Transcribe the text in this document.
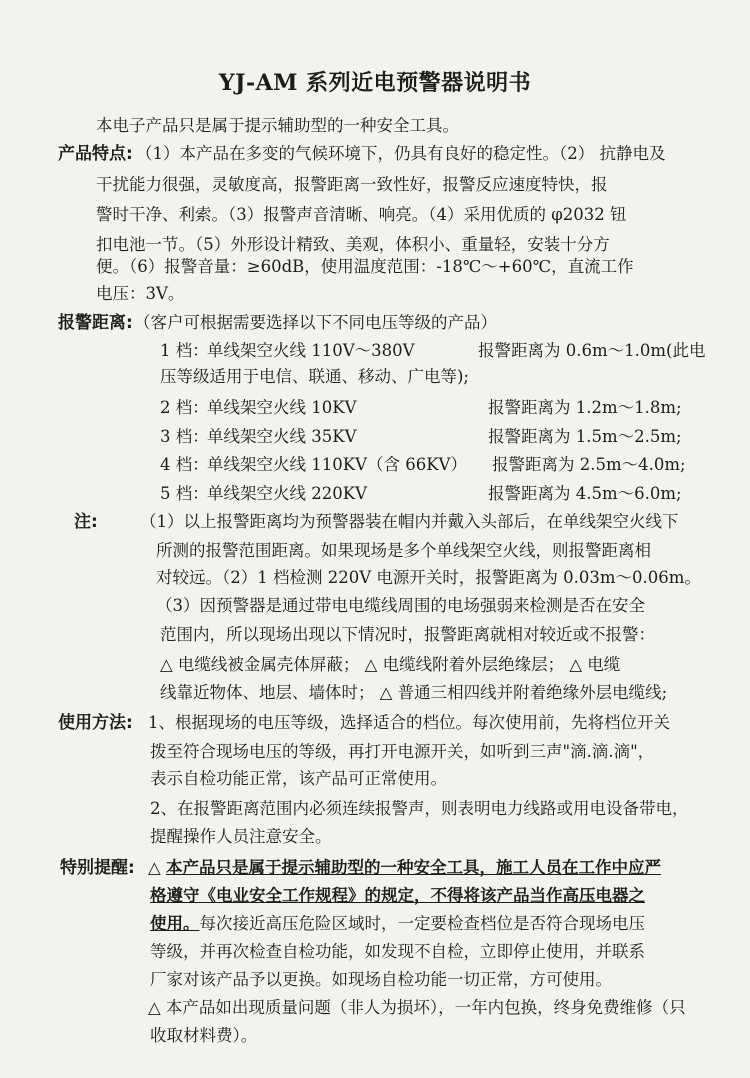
YJ-AM 系列近电预警器说明书
本电子产品只是属于提示辅助型的一种安全工具。
产品特点: （1）本产品在多变的气候环境下，仍具有良好的稳定性。（2） 抗静电及
干扰能力很强，灵敏度高，报警距离一致性好，报警反应速度特快，报
警时干净、利索。（3）报警声音清晰、响亮。（4）采用优质的 φ2032 钮
扣电池一节。（5）外形设计精致、美观，体积小、重量轻，安装十分方
便。（6）报警音量：≥60dB，使用温度范围：-18℃～+60℃，直流工作
电压：3V。
报警距离: （客户可根据需要选择以下不同电压等级的产品）
1 档：
单线架空火线 110V～380V	报警距离为 0.6m～1.0m(此电
压等级适用于电信、联通、移动、广电等);
2 档：
单线架空火线 10KV	报警距离为 1.2m～1.8m;
3 档：
单线架空火线 35KV	报警距离为 1.5m～2.5m;
4 档：
单线架空火线 110KV（含 66KV） 报警距离为 2.5m～4.0m;
5 档：
单线架空火线 220KV	报警距离为 4.5m～6.0m;
注:	（1）以上报警距离均为预警器装在帽内并戴入头部后，在单线架空火线下
所测的报警范围距离。如果现场是多个单线架空火线，则报警距离相
对较远。（2）1 档检测 220V 电源开关时，报警距离为 0.03m～0.06m。
（3）因预警器是通过带电电缆线周围的电场强弱来检测是否在安全
范围内，所以现场出现以下情况时，报警距离就相对较近或不报警：
△ 电缆线被金属壳体屏蔽； △ 电缆线附着外层绝缘层； △ 电缆
线靠近物体、地层、墙体时； △ 普通三相四线并附着绝缘外层电缆线;
使用方法: 1、根据现场的电压等级，选择适合的档位。每次使用前，先将档位开关
拨至符合现场电压的等级，再打开电源开关，如听到三声"滴.滴.滴"，
表示自检功能正常，该产品可正常使用。
2、在报警距离范围内必须连续报警声，则表明电力线路或用电设备带电，
提醒操作人员注意安全。
特别提醒: △ 本产品只是属于提示辅助型的一种安全工具，施工人员在工作中应严
格遵守《电业安全工作规程》的规定，不得将该产品当作高压电器之
使用。每次接近高压危险区域时，一定要检查档位是否符合现场电压
等级，并再次检查自检功能，如发现不自检，立即停止使用，并联系
厂家对该产品予以更换。如现场自检功能一切正常，方可使用。
△ 本产品如出现质量问题（非人为损坏），一年内包换，终身免费维修（只
收取材料费）。
